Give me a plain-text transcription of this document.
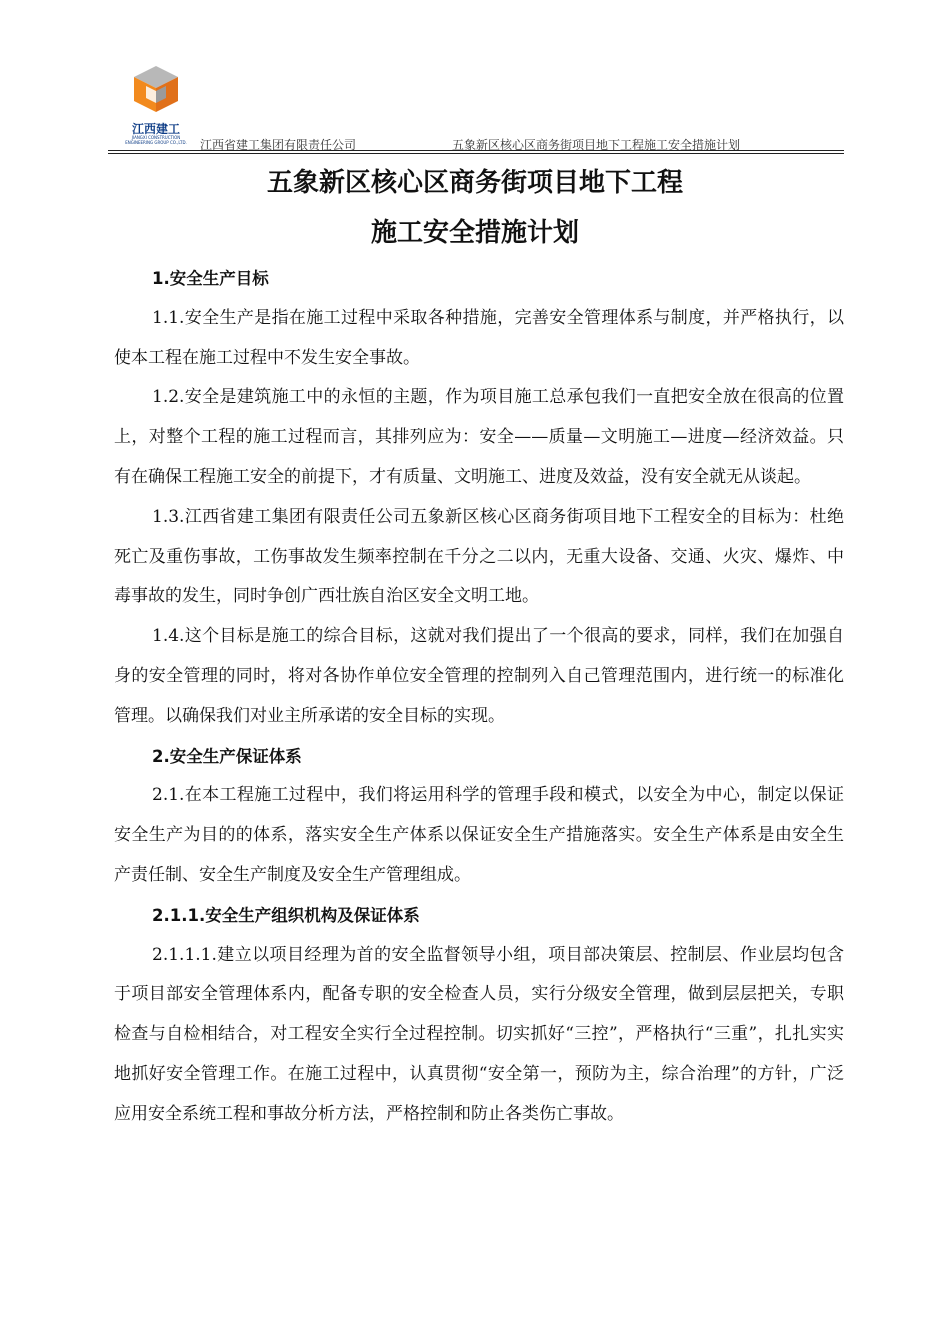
江西建工
JIANGXI CONSTRUCTION ENGINEERING GROUP CO.,LTD.	江西省建工集团有限责任公司	五象新区核心区商务街项目地下工程施工安全措施计划
五象新区核心区商务街项目地下工程
施工安全措施计划

1.安全生产目标

1.1.安全生产是指在施工过程中采取各种措施，完善安全管理体系与制度，并严格执行，以使本工程在施工过程中不发生安全事故。

1.2.安全是建筑施工中的永恒的主题，作为项目施工总承包我们一直把安全放在很高的位置上，对整个工程的施工过程而言，其排列应为：安全——质量—文明施工—进度—经济效益。只有在确保工程施工安全的前提下，才有质量、文明施工、进度及效益，没有安全就无从谈起。

1.3.江西省建工集团有限责任公司五象新区核心区商务街项目地下工程安全的目标为：杜绝死亡及重伤事故，工伤事故发生频率控制在千分之二以内，无重大设备、交通、火灾、爆炸、中毒事故的发生，同时争创广西壮族自治区安全文明工地。

1.4.这个目标是施工的综合目标，这就对我们提出了一个很高的要求，同样，我们在加强自身的安全管理的同时，将对各协作单位安全管理的控制列入自己管理范围内，进行统一的标准化管理。以确保我们对业主所承诺的安全目标的实现。

2.安全生产保证体系

2.1.在本工程施工过程中，我们将运用科学的管理手段和模式，以安全为中心，制定以保证安全生产为目的的体系，落实安全生产体系以保证安全生产措施落实。安全生产体系是由安全生产责任制、安全生产制度及安全生产管理组成。

2.1.1.安全生产组织机构及保证体系

2.1.1.1.建立以项目经理为首的安全监督领导小组，项目部决策层、控制层、作业层均包含于项目部安全管理体系内，配备专职的安全检查人员，实行分级安全管理，做到层层把关，专职检查与自检相结合，对工程安全实行全过程控制。切实抓好“三控”，严格执行“三重”，扎扎实实地抓好安全管理工作。在施工过程中，认真贯彻“安全第一，预防为主，综合治理”的方针，广泛应用安全系统工程和事故分析方法，严格控制和防止各类伤亡事故。
